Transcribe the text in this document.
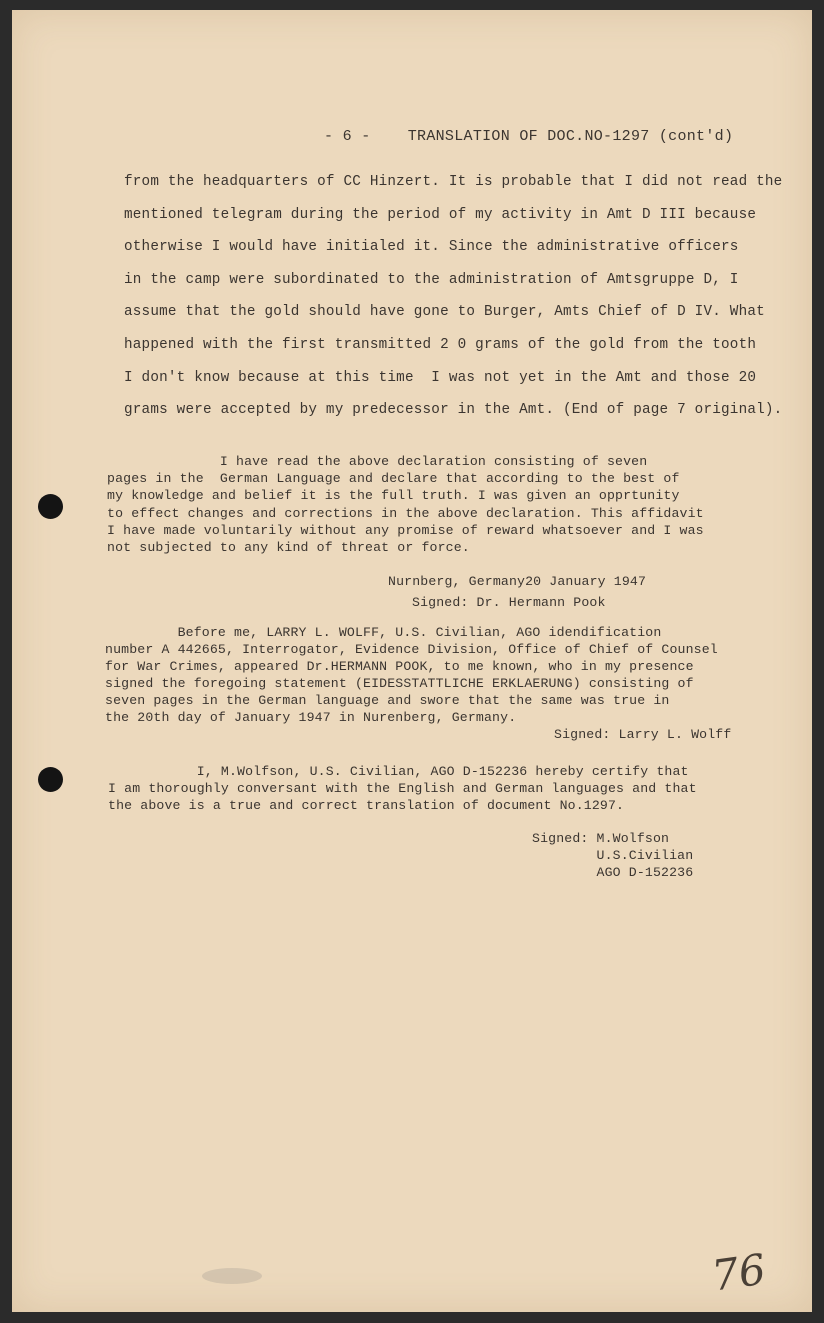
- 6 -    TRANSLATION OF DOC.NO-1297 (cont'd)
from the headquarters of CC Hinzert. It is probable that I did not read the
mentioned telegram during the period of my activity in Amt D III because
otherwise I would have initialed it. Since the administrative officers
in the camp were subordinated to the administration of Amtsgruppe D, I
assume that the gold should have gone to Burger, Amts Chief of D IV. What
happened with the first transmitted 2 0 grams of the gold from the tooth
I don't know because at this time  I was not yet in the Amt and those 20
grams were accepted by my predecessor in the Amt. (End of page 7 original).
I have read the above declaration consisting of seven
pages in the  German Language and declare that according to the best of
my knowledge and belief it is the full truth. I was given an opprtunity
to effect changes and corrections in the above declaration. This affidavit
I have made voluntarily without any promise of reward whatsoever and I was
not subjected to any kind of threat or force.
Nurnberg, Germany20 January 1947
Signed: Dr. Hermann Pook
Before me, LARRY L. WOLFF, U.S. Civilian, AGO idendification
number A 442665, Interrogator, Evidence Division, Office of Chief of Counsel
for War Crimes, appeared Dr.HERMANN POOK, to me known, who in my presence
signed the foregoing statement (EIDESSTATTLICHE ERKLAERUNG) consisting of
seven pages in the German language and swore that the same was true in
the 20th day of January 1947 in Nurenberg, Germany.
Signed: Larry L. Wolff
I, M.Wolfson, U.S. Civilian, AGO D-152236 hereby certify that
I am thoroughly conversant with the English and German languages and that
the above is a true and correct translation of document No.1297.
Signed: M.Wolfson
U.S.Civilian
AGO D-152236
76
